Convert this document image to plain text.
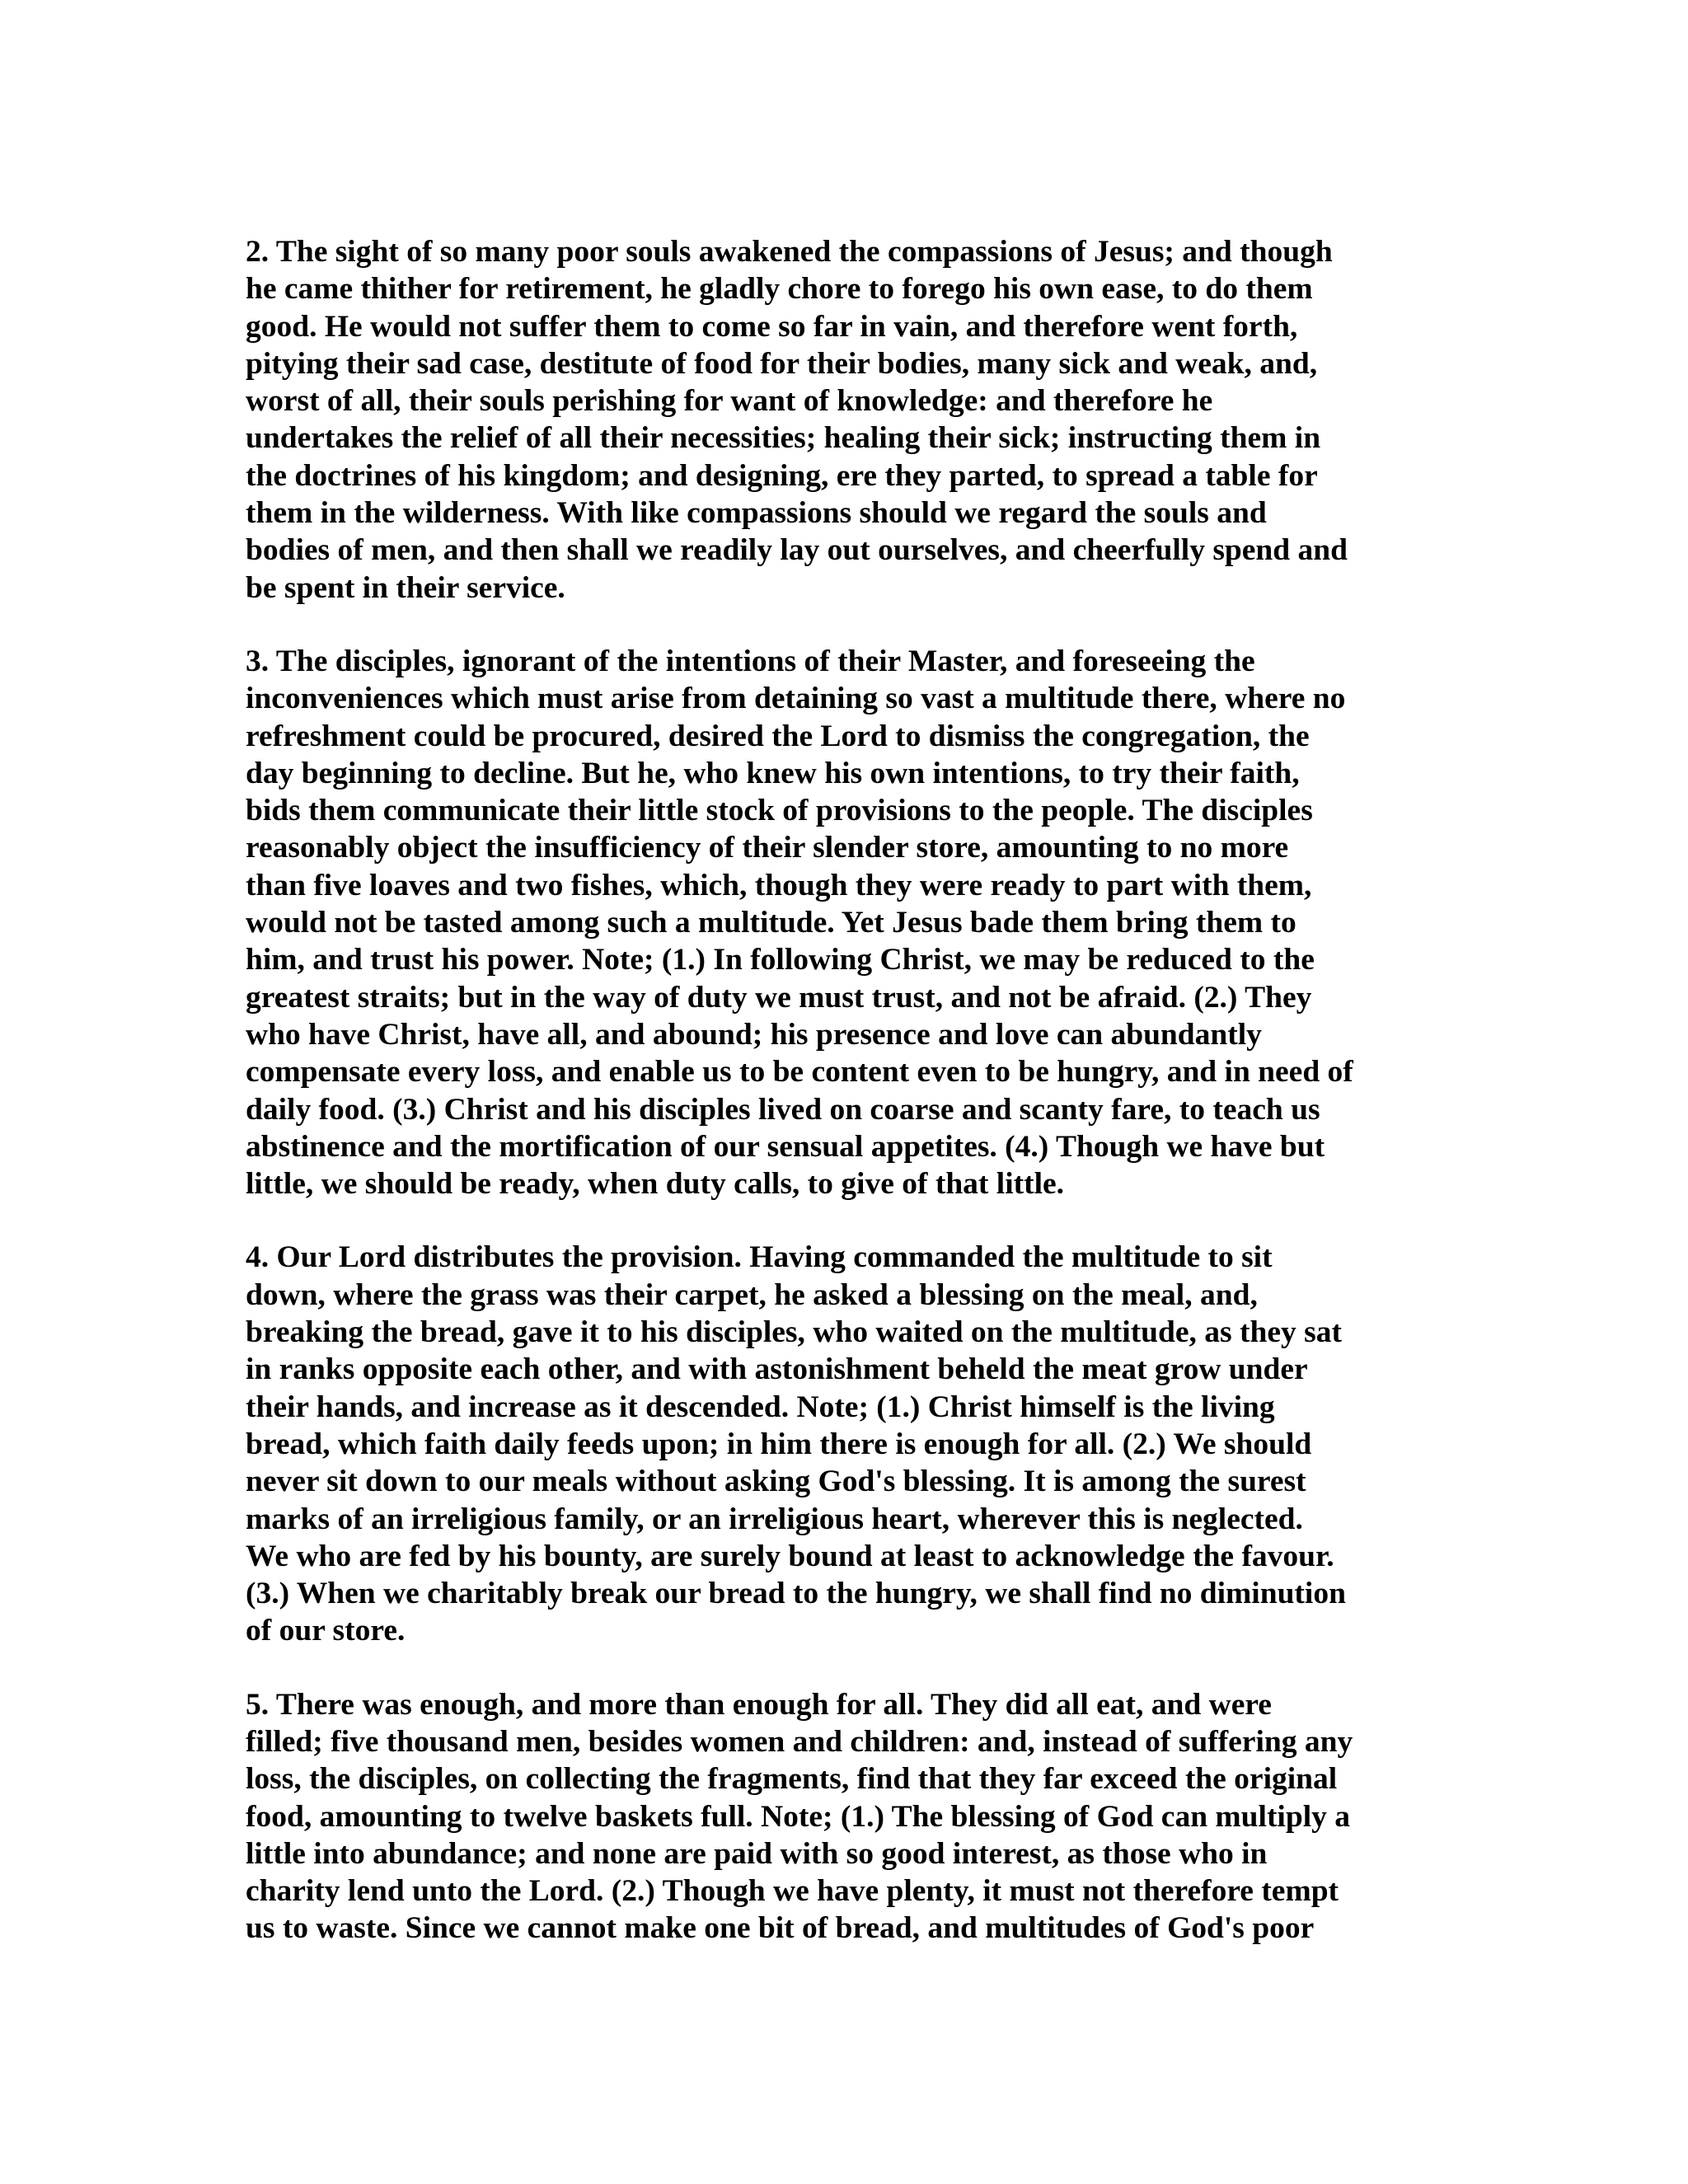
2. The sight of so many poor souls awakened the compassions of Jesus; and though
he came thither for retirement, he gladly chore to forego his own ease, to do them
good. He would not suffer them to come so far in vain, and therefore went forth,
pitying their sad case, destitute of food for their bodies, many sick and weak, and,
worst of all, their souls perishing for want of knowledge: and therefore he
undertakes the relief of all their necessities; healing their sick; instructing them in
the doctrines of his kingdom; and designing, ere they parted, to spread a table for
them in the wilderness. With like compassions should we regard the souls and
bodies of men, and then shall we readily lay out ourselves, and cheerfully spend and
be spent in their service.

3. The disciples, ignorant of the intentions of their Master, and foreseeing the
inconveniences which must arise from detaining so vast a multitude there, where no
refreshment could be procured, desired the Lord to dismiss the congregation, the
day beginning to decline. But he, who knew his own intentions, to try their faith,
bids them communicate their little stock of provisions to the people. The disciples
reasonably object the insufficiency of their slender store, amounting to no more
than five loaves and two fishes, which, though they were ready to part with them,
would not be tasted among such a multitude. Yet Jesus bade them bring them to
him, and trust his power. Note; (1.) In following Christ, we may be reduced to the
greatest straits; but in the way of duty we must trust, and not be afraid. (2.) They
who have Christ, have all, and abound; his presence and love can abundantly
compensate every loss, and enable us to be content even to be hungry, and in need of
daily food. (3.) Christ and his disciples lived on coarse and scanty fare, to teach us
abstinence and the mortification of our sensual appetites. (4.) Though we have but
little, we should be ready, when duty calls, to give of that little.

4. Our Lord distributes the provision. Having commanded the multitude to sit
down, where the grass was their carpet, he asked a blessing on the meal, and,
breaking the bread, gave it to his disciples, who waited on the multitude, as they sat
in ranks opposite each other, and with astonishment beheld the meat grow under
their hands, and increase as it descended. Note; (1.) Christ himself is the living
bread, which faith daily feeds upon; in him there is enough for all. (2.) We should
never sit down to our meals without asking God's blessing. It is among the surest
marks of an irreligious family, or an irreligious heart, wherever this is neglected.
We who are fed by his bounty, are surely bound at least to acknowledge the favour.
(3.) When we charitably break our bread to the hungry, we shall find no diminution
of our store.

5. There was enough, and more than enough for all. They did all eat, and were
filled; five thousand men, besides women and children: and, instead of suffering any
loss, the disciples, on collecting the fragments, find that they far exceed the original
food, amounting to twelve baskets full. Note; (1.) The blessing of God can multiply a
little into abundance; and none are paid with so good interest, as those who in
charity lend unto the Lord. (2.) Though we have plenty, it must not therefore tempt
us to waste. Since we cannot make one bit of bread, and multitudes of God's poor
